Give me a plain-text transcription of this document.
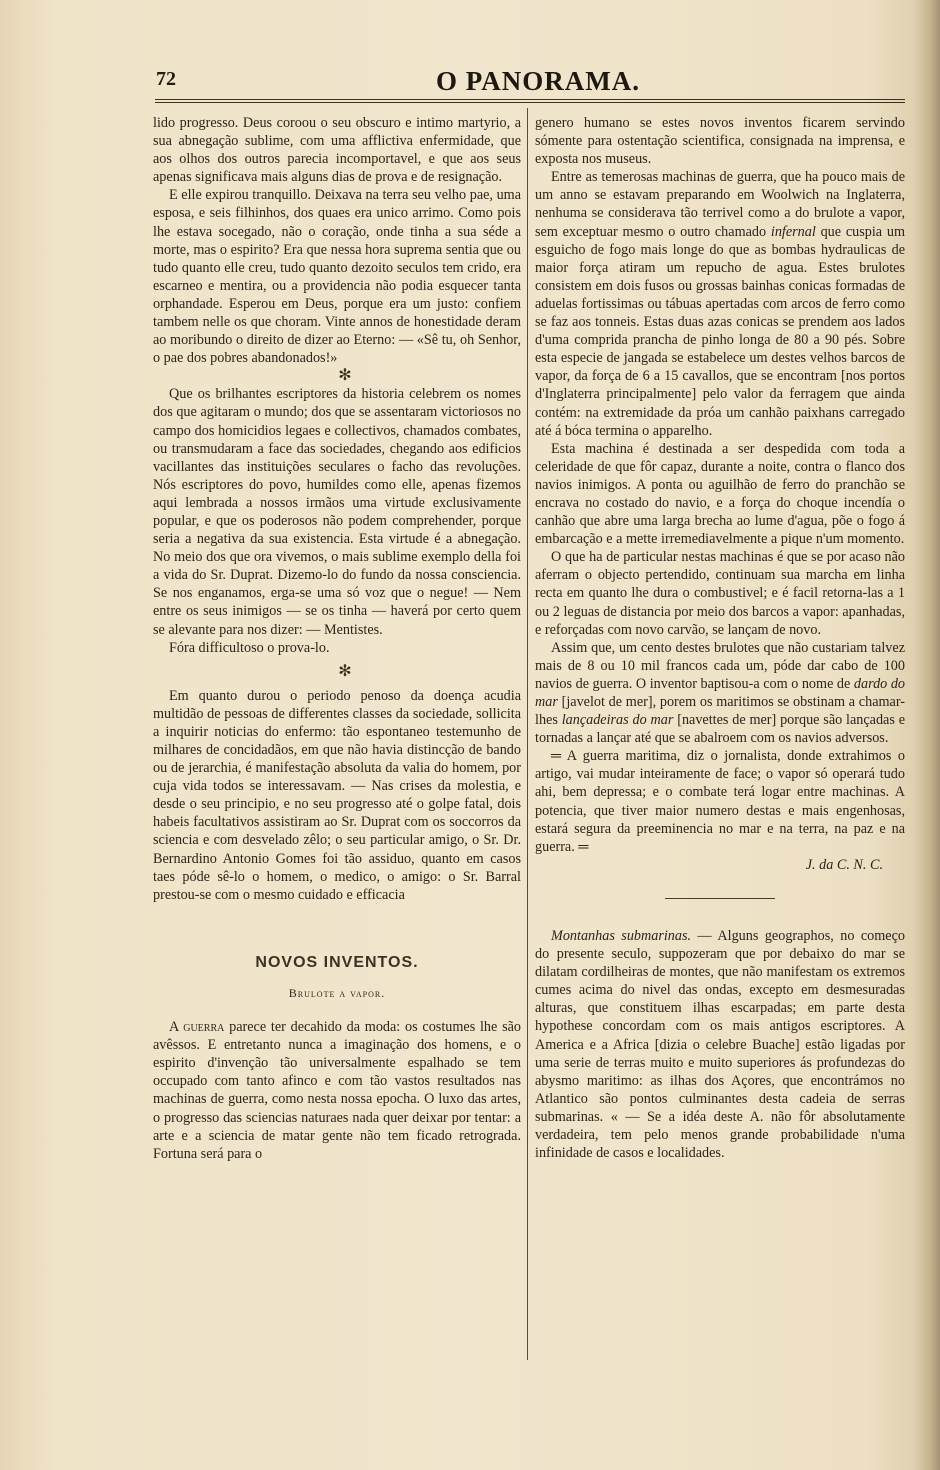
72	O PANORAMA.

lido progresso. Deus coroou o seu obscuro e intimo martyrio, a sua abnegação sublime, com uma afflictiva enfermidade, que aos olhos dos outros parecia incomportavel, e que aos seus apenas significava mais alguns dias de prova e de resignação.

E elle expirou tranquillo. Deixava na terra seu velho pae, uma esposa, e seis filhinhos, dos quaes era unico arrimo. Como pois lhe estava socegado, não o coração, onde tinha a sua séde a morte, mas o espirito? Era que nessa hora suprema sentia que ou tudo quanto elle creu, tudo quanto dezoito seculos tem crido, era escarneo e mentira, ou a providencia não podia esquecer tanta orphandade. Esperou em Deus, porque era um justo: confiem tambem nelle os que choram. Vinte annos de honestidade deram ao moribundo o direito de dizer ao Eterno: — «Sê tu, oh Senhor, o pae dos pobres abandonados!»

✻

Que os brilhantes escriptores da historia celebrem os nomes dos que agitaram o mundo; dos que se assentaram victoriosos no campo dos homicidios legaes e collectivos, chamados combates, ou transmudaram a face das sociedades, chegando aos edificios vacillantes das instituições seculares o facho das revoluções. Nós escriptores do povo, humildes como elle, apenas fizemos aqui lembrada a nossos irmãos uma virtude exclusivamente popular, e que os poderosos não podem comprehender, porque seria a negativa da sua existencia. Esta virtude é a abnegação. No meio dos que ora vivemos, o mais sublime exemplo della foi a vida do Sr. Duprat. Dizemo-lo do fundo da nossa consciencia. Se nos enganamos, erga-se uma só voz que o negue! — Nem entre os seus inimigos — se os tinha — haverá por certo quem se alevante para nos dizer: — Mentistes.

Fóra difficultoso o prova-lo.

✻

Em quanto durou o periodo penoso da doença acudia multidão de pessoas de differentes classes da sociedade, sollicita a inquirir noticias do enfermo: tão espontaneo testemunho de milhares de concidadãos, em que não havia distincção de bando ou de jerarchia, é manifestação absoluta da valia do homem, por cuja vida todos se interessavam. — Nas crises da molestia, e desde o seu principio, e no seu progresso até o golpe fatal, dois habeis facultativos assistiram ao Sr. Duprat com os soccorros da sciencia e com desvelado zêlo; o seu particular amigo, o Sr. Dr. Bernardino Antonio Gomes foi tão assiduo, quanto em casos taes póde sê-lo o homem, o medico, o amigo: o Sr. Barral prestou-se com o mesmo cuidado e efficacia

NOVOS INVENTOS.
Brulote a vapor.

A guerra parece ter decahido da moda: os costumes lhe são avêssos. E entretanto nunca a imaginação dos homens, e o espirito d'invenção tão universalmente espalhado se tem occupado com tanto afinco e com tão vastos resultados nas machinas de guerra, como nesta nossa epocha. O luxo das artes, o progresso das sciencias naturaes nada quer deixar por tentar: a arte e a sciencia de matar gente não tem ficado retrograda. Fortuna será para o

genero humano se estes novos inventos ficarem servindo sómente para ostentação scientifica, consignada na imprensa, e exposta nos museus.

Entre as temerosas machinas de guerra, que ha pouco mais de um anno se estavam preparando em Woolwich na Inglaterra, nenhuma se considerava tão terrivel como a do brulote a vapor, sem exceptuar mesmo o outro chamado infernal que cuspia um esguicho de fogo mais longe do que as bombas hydraulicas de maior força atiram um repucho de agua. Estes brulotes consistem em dois fusos ou grossas bainhas conicas formadas de aduelas fortissimas ou tábuas apertadas com arcos de ferro como se faz aos tonneis. Estas duas azas conicas se prendem aos lados d'uma comprida prancha de pinho longa de 80 a 90 pés. Sobre esta especie de jangada se estabelece um destes velhos barcos de vapor, da força de 6 a 15 cavallos, que se encontram [nos portos d'Inglaterra principalmente] pelo valor da ferragem que ainda contém: na extremidade da próa um canhão paixhans carregado até á bóca termina o apparelho.

Esta machina é destinada a ser despedida com toda a celeridade de que fôr capaz, durante a noite, contra o flanco dos navios inimigos. A ponta ou aguilhão de ferro do pranchão se encrava no costado do navio, e a força do choque incendía o canhão que abre uma larga brecha ao lume d'agua, põe o fogo á embarcação e a mette irremediavelmente a pique n'um momento.

O que ha de particular nestas machinas é que se por acaso não aferram o objecto pertendido, continuam sua marcha em linha recta em quanto lhe dura o combustivel; e é facil retorna-las a 1 ou 2 leguas de distancia por meio dos barcos a vapor: apanhadas, e reforçadas com novo carvão, se lançam de novo.

Assim que, um cento destes brulotes que não custariam talvez mais de 8 ou 10 mil francos cada um, póde dar cabo de 100 navios de guerra. O inventor baptisou-a com o nome de dardo do mar [javelot de mer], porem os maritimos se obstinam a chamar-lhes lançadeiras do mar [navettes de mer] porque são lançadas e tornadas a lançar até que se abalroem com os navios adversos.

═ A guerra maritima, diz o jornalista, donde extrahimos o artigo, vai mudar inteiramente de face; o vapor só operará tudo ahi, bem depressa; e o combate terá logar entre machinas. A potencia, que tiver maior numero destas e mais engenhosas, estará segura da preeminencia no mar e na terra, na paz e na guerra. ═

J. da C. N. C.

Montanhas submarinas. — Alguns geographos, no começo do presente seculo, suppozeram que por debaixo do mar se dilatam cordilheiras de montes, que não manifestam os extremos cumes acima do nivel das ondas, excepto em desmesuradas alturas, que constituem ilhas escarpadas; em parte desta hypothese concordam com os mais antigos escriptores. A America e a Africa [dizia o celebre Buache] estão ligadas por uma serie de terras muito e muito superiores ás profundezas do abysmo maritimo: as ilhas dos Açores, que encontrámos no Atlantico são pontos culminantes desta cadeia de serras submarinas. « — Se a idéa deste A. não fôr absolutamente verdadeira, tem pelo menos grande probabilidade n'uma infinidade de casos e localidades.
